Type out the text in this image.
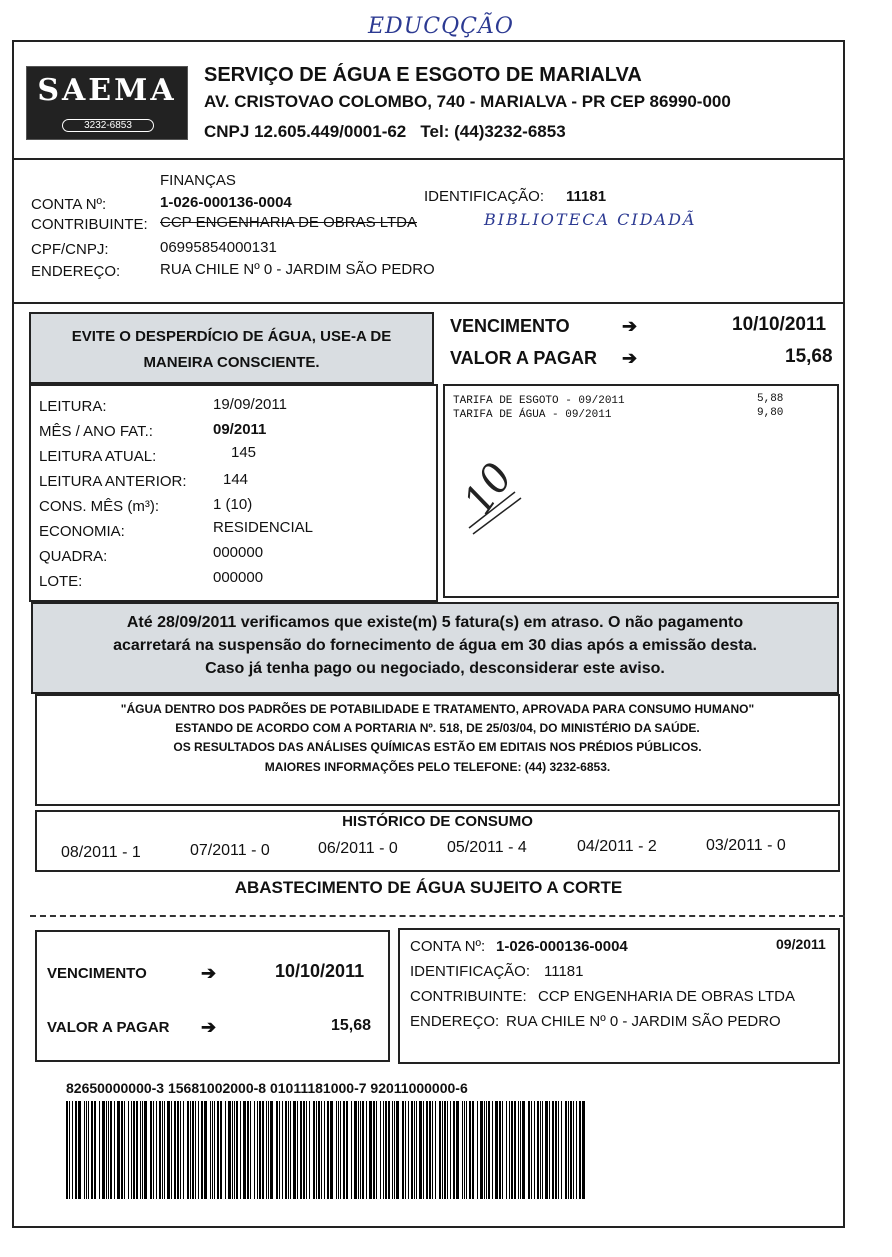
EDUCQÇÃO
SAEMA
3232-6853
SERVIÇO DE ÁGUA E ESGOTO DE MARIALVA
AV. CRISTOVAO COLOMBO, 740 - MARIALVA - PR CEP 86990-000
CNPJ 12.605.449/0001-62   Tel: (44)3232-6853
FINANÇAS
CONTA Nº:	1-026-000136-0004	IDENTIFICAÇÃO: 11181
CONTRIBUINTE: CCP ENGENHARIA DE OBRAS LTDA	BIBLIOTECA CIDADÃ
CPF/CNPJ:	06995854000131
ENDEREÇO:	RUA CHILE Nº 0 - JARDIM SÃO PEDRO
EVITE O DESPERDÍCIO DE ÁGUA, USE-A DE
MANEIRA CONSCIENTE.
VENCIMENTO	➔	10/10/2011
VALOR A PAGAR ➔	15,68
LEITURA:	19/09/2011
MÊS / ANO FAT.:	09/2011
LEITURA ATUAL:	145
LEITURA ANTERIOR: 144
CONS. MÊS (m³):	1 (10)
ECONOMIA:	RESIDENCIAL
QUADRA:	000000
LOTE:	000000
TARIFA DE ESGOTO - 09/2011	5,88
TARIFA DE ÁGUA - 09/2011	9,80
10
Até 28/09/2011 verificamos que existe(m) 5 fatura(s) em atraso. O não pagamento
acarretará na suspensão do fornecimento de água em 30 dias após a emissão desta.
Caso já tenha pago ou negociado, desconsiderar este aviso.
"ÁGUA DENTRO DOS PADRÕES DE POTABILIDADE E TRATAMENTO, APROVADA PARA CONSUMO HUMANO"
ESTANDO DE ACORDO COM A PORTARIA Nº. 518, DE 25/03/04, DO MINISTÉRIO DA SAÚDE.
OS RESULTADOS DAS ANÁLISES QUÍMICAS ESTÃO EM EDITAIS NOS PRÉDIOS PÚBLICOS.
MAIORES INFORMAÇÕES PELO TELEFONE: (44) 3232-6853.
HISTÓRICO DE CONSUMO
08/2011 - 1	07/2011 - 0	06/2011 - 0	05/2011 - 4	04/2011 - 2	03/2011 - 0
ABASTECIMENTO DE ÁGUA SUJEITO A CORTE
VENCIMENTO	➔	10/10/2011
VALOR A PAGAR ➔	15,68
CONTA Nº: 1-026-000136-0004	09/2011
IDENTIFICAÇÃO: 11181
CONTRIBUINTE: CCP ENGENHARIA DE OBRAS LTDA
ENDEREÇO: RUA CHILE Nº 0 - JARDIM SÃO PEDRO
82650000000-3 15681002000-8 01011181000-7 92011000000-6
